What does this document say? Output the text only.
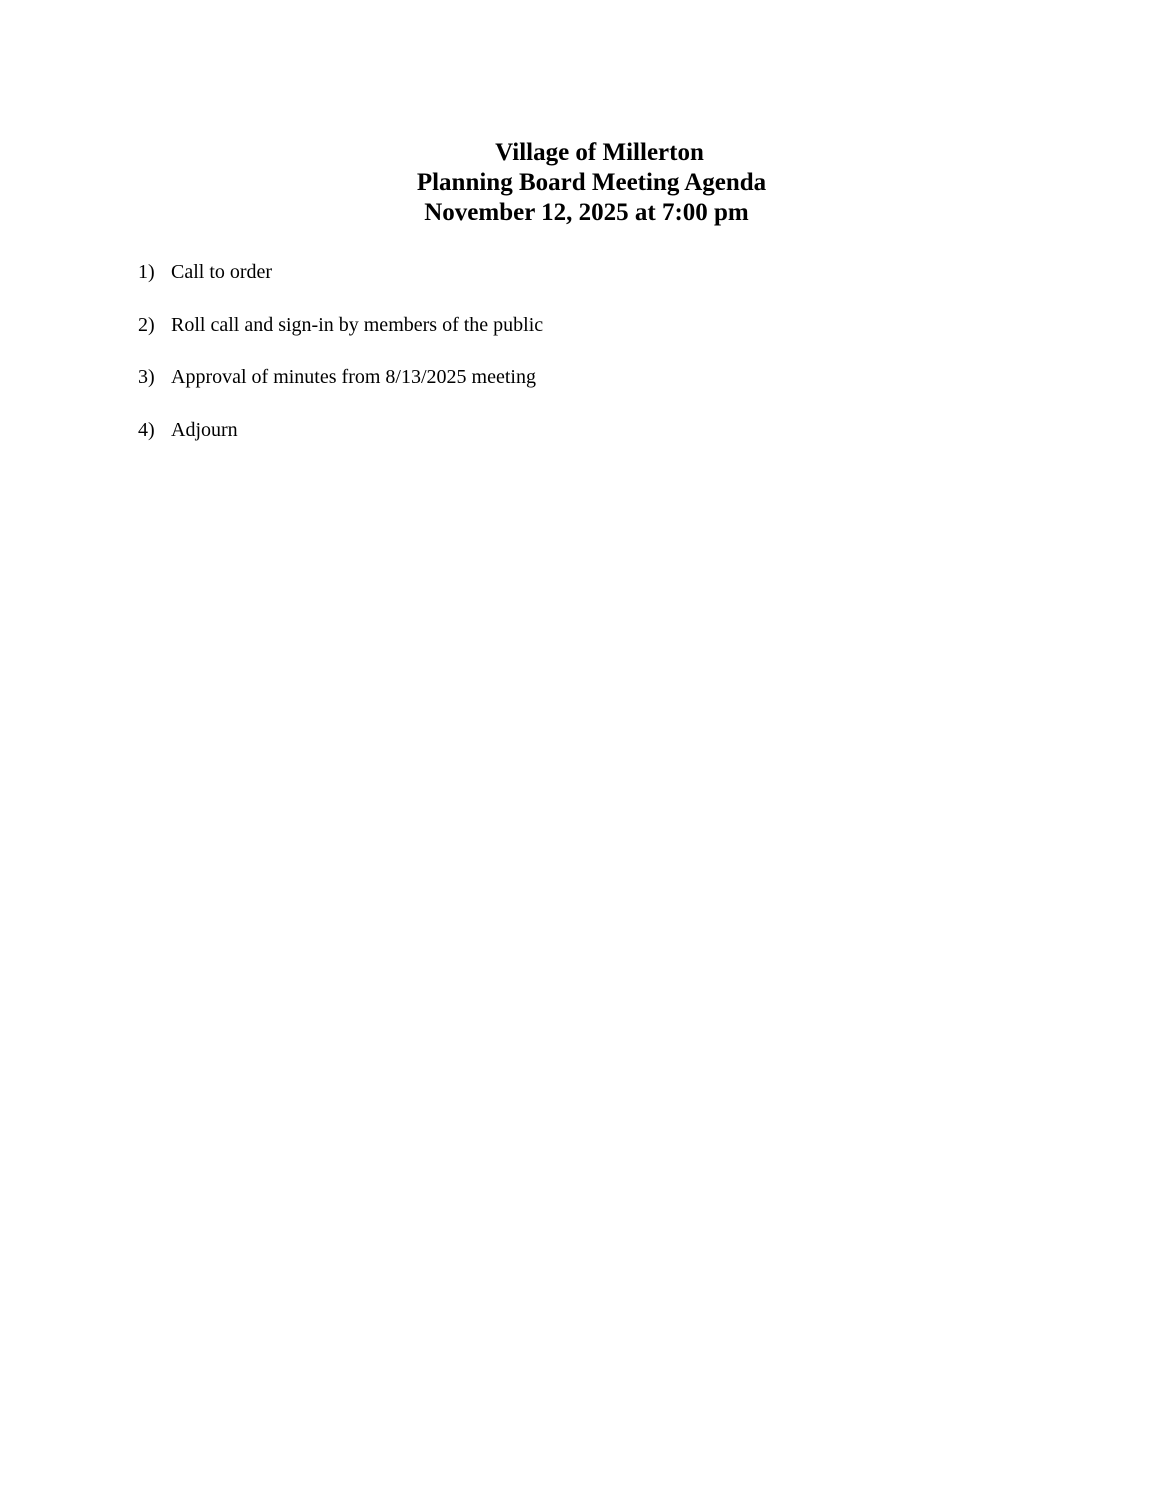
Village of Millerton
Planning Board Meeting Agenda
November 12, 2025 at 7:00 pm
1) Call to order
2) Roll call and sign-in by members of the public
3) Approval of minutes from 8/13/2025 meeting
4) Adjourn
